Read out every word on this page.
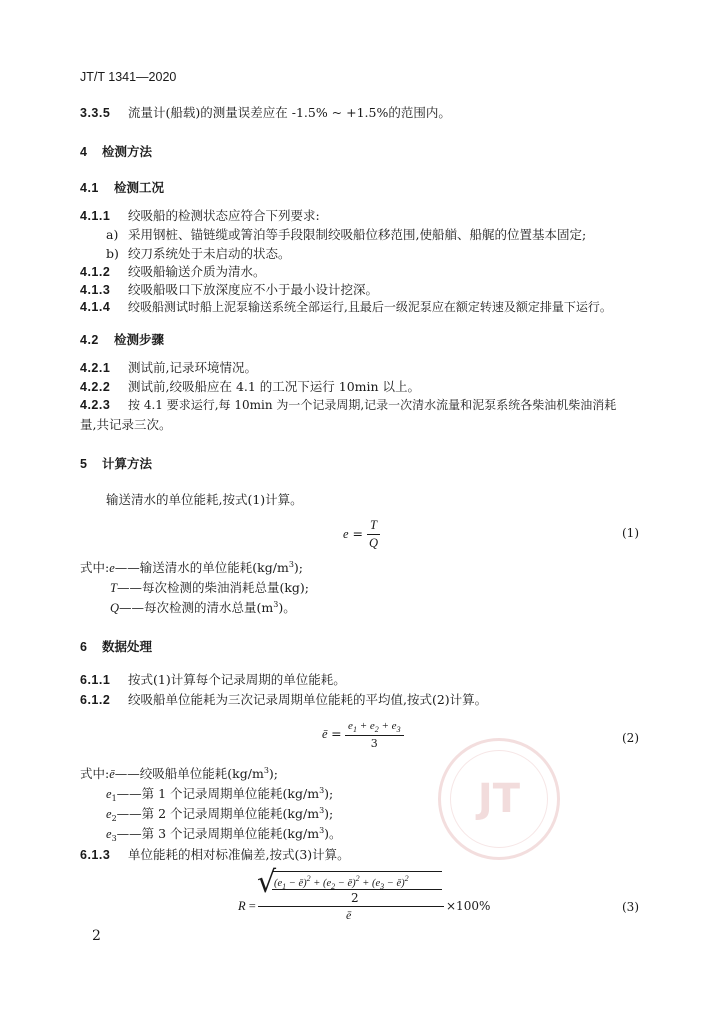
JT/T 1341—2020
3.3.5 流量计(船载)的测量误差应在 -1.5% ~ +1.5%的范围内。
4 检测方法
4.1 检测工况
4.1.1 绞吸船的检测状态应符合下列要求:
a) 采用钢桩、锚链缆或箐泊等手段限制绞吸船位移范围,使船艏、船艉的位置基本固定;
b) 绞刀系统处于未启动的状态。
4.1.2 绞吸船输送介质为清水。
4.1.3 绞吸船吸口下放深度应不小于最小设计挖深。
4.1.4 绞吸船测试时船上泥泵输送系统全部运行,且最后一级泥泵应在额定转速及额定排量下运行。
4.2 检测步骤
4.2.1 测试前,记录环境情况。
4.2.2 测试前,绞吸船应在 4.1 的工况下运行 10min 以上。
4.2.3 按 4.1 要求运行,每 10min 为一个记录周期,记录一次清水流量和泥泵系统各柴油机柴油消耗
量,共记录三次。
5 计算方法
输送清水的单位能耗,按式(1)计算。
$e = \frac{T}{Q}$	(1)
式中:e——输送清水的单位能耗$(kg/m^3)$;
T——每次检测的柴油消耗总量(kg);
Q——每次检测的清水总量$(m^3)$。
6 数据处理
6.1.1 按式(1)计算每个记录周期的单位能耗。
6.1.2 绞吸船单位能耗为三次记录周期单位能耗的平均值,按式(2)计算。
ē = $\frac{e_1 + e_2 + e_3}{3}$	(2)
式中:ē——绞吸船单位能耗$(kg/m^3)$;
$e_1——$第 1 个记录周期单位能耗$(kg/m^3)$;
$e_2——$第 2 个记录周期单位能耗$(kg/m^3)$;
$e_3——$第 3 个记录周期单位能耗$(kg/m^3)$。
6.1.3 单位能耗的相对标准偏差,按式(3)计算。
R =
√
($e_1$ − ē)$^2$ + ($e_2$ − ē)$^2$ + ($e_3$ − ē)$^2$
2
ē
×100%	(3)
JT
2
